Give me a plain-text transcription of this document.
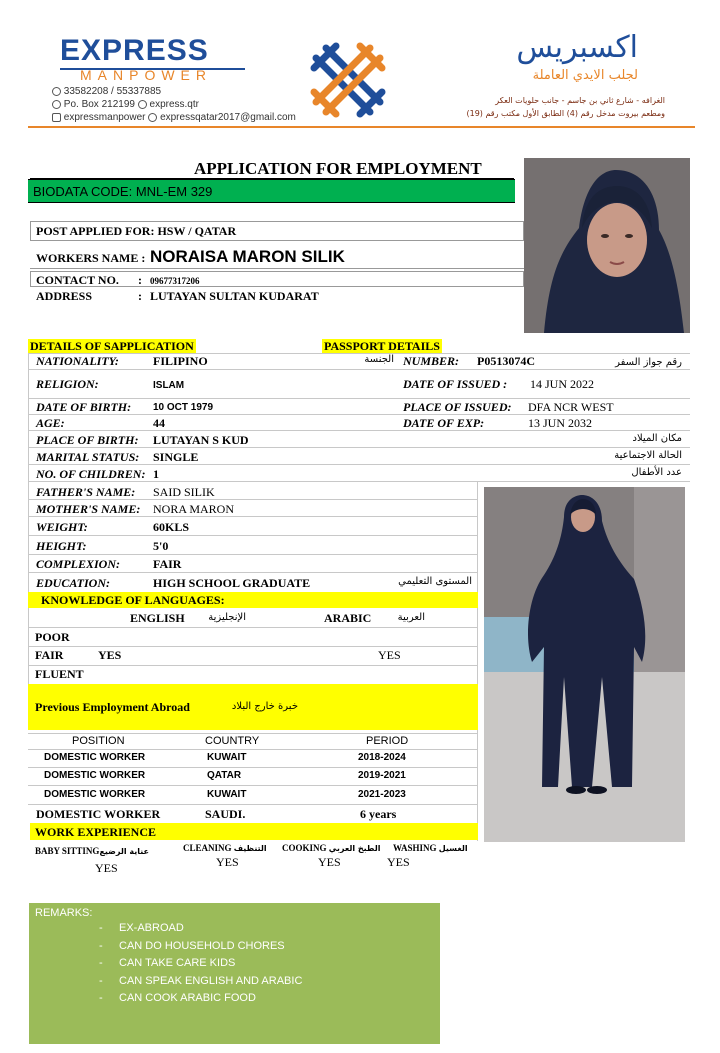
EXPRESS
MANPOWER
33582208 / 55337885
Po. Box 212199 express.qtr
expressmanpower expressqatar2017@gmail.com
اكسبريس
لجلب الايدي العاملة
الغرافه - شارع ثاني بن جاسم - جانب حلويات العكر
ومطعم بيروت مدخل رقم (4) الطابق الأول مكتب رقم (19)
APPLICATION FOR EMPLOYMENT
BIODATA CODE: MNL-EM 329
POST APPLIED FOR: HSW / QATAR
WORKERS NAME : NORAISA MARON SILIK
CONTACT NO. : 09677317206
ADDRESS	: LUTAYAN SULTAN KUDARAT
DETAILS OF SAPPLICATION	PASSPORT DETAILS
NATIONALITY:	FILIPINO	الجنسة
RELIGION:	ISLAM
DATE OF BIRTH: 10 OCT 1979
AGE:	44
PLACE OF BIRTH: LUTAYAN S KUD	مكان الميلاد
MARITAL STATUS: SINGLE	الحالة الاجتماعية
NO. OF CHILDREN: 1	عدد الأطفال
FATHER'S NAME: SAID SILIK
MOTHER'S NAME: NORA MARON
WEIGHT:	60KLS
HEIGHT:	5'0
COMPLEXION:	FAIR
EDUCATION:	HIGH SCHOOL GRADUATE	المستوى التعليمي
NUMBER: P0513074C	رقم جواز السفر
DATE OF ISSUED : 14 JUN 2022
PLACE OF ISSUED: DFA NCR WEST
DATE OF EXP:	13 JUN 2032
KNOWLEDGE OF LANGUAGES:
ENGLISH	الإنجليزية	ARABIC	العربية
POOR
FAIR	YES	YES
FLUENT
Previous Employment Abroad	خبرة خارج البلاد
POSITION	COUNTRY	PERIOD
DOMESTIC WORKER	KUWAIT	2018-2024
DOMESTIC WORKER	QATAR	2019-2021
DOMESTIC WORKER	KUWAIT	2021-2023
DOMESTIC WORKER	SAUDI.	6 years
WORK EXPERIENCE
BABY SITTINGعناية الرضيع	CLEANING التنظيف COOKING الطبخ العربي WASHING الغسيل
YES	YES	YES	YES
REMARKS:
- EX-ABROAD
- CAN DO HOUSEHOLD CHORES
- CAN TAKE CARE KIDS
- CAN SPEAK ENGLISH AND ARABIC
- CAN COOK ARABIC FOOD
